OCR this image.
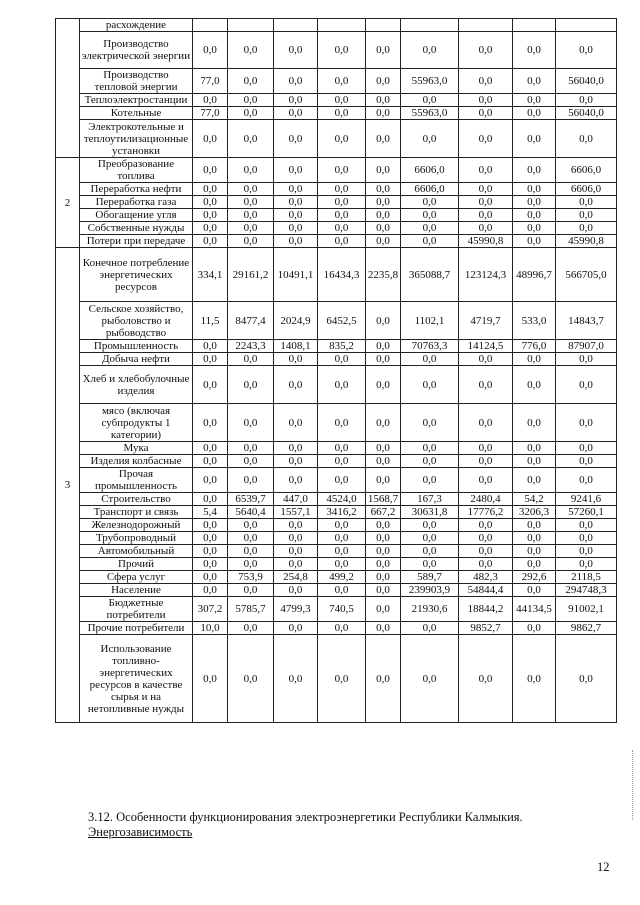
	расхождение									
	Производство электрической энергии	0,0	0,0	0,0	0,0	0,0	0,0	0,0	0,0	0,0
	Производство тепловой энергии	77,0	0,0	0,0	0,0	0,0	55963,0	0,0	0,0	56040,0
	Теплоэлектростанции	0,0	0,0	0,0	0,0	0,0	0,0	0,0	0,0	0,0
	Котельные	77,0	0,0	0,0	0,0	0,0	55963,0	0,0	0,0	56040,0
	Электрокотельные и теплоутилизационные установки	0,0	0,0	0,0	0,0	0,0	0,0	0,0	0,0	0,0
2	Преобразование топлива	0,0	0,0	0,0	0,0	0,0	6606,0	0,0	0,0	6606,0
	Переработка нефти	0,0	0,0	0,0	0,0	0,0	6606,0	0,0	0,0	6606,0
	Переработка газа	0,0	0,0	0,0	0,0	0,0	0,0	0,0	0,0	0,0
	Обогащение угля	0,0	0,0	0,0	0,0	0,0	0,0	0,0	0,0	0,0
	Собственные нужды	0,0	0,0	0,0	0,0	0,0	0,0	0,0	0,0	0,0
	Потери при передаче	0,0	0,0	0,0	0,0	0,0	0,0	45990,8	0,0	45990,8
3	Конечное потребление энергетических ресурсов	334,1	29161,2	10491,1	16434,3	2235,8	365088,7	123124,3	48996,7	566705,0
	Сельское хозяйство, рыболовство и рыбоводство	11,5	8477,4	2024,9	6452,5	0,0	1102,1	4719,7	533,0	14843,7
	Промышленность	0,0	2243,3	1408,1	835,2	0,0	70763,3	14124,5	776,0	87907,0
	Добыча нефти	0,0	0,0	0,0	0,0	0,0	0,0	0,0	0,0	0,0
	Хлеб и хлебобулочные изделия	0,0	0,0	0,0	0,0	0,0	0,0	0,0	0,0	0,0
	мясо (включая субпродукты 1 категории)	0,0	0,0	0,0	0,0	0,0	0,0	0,0	0,0	0,0
	Мука	0,0	0,0	0,0	0,0	0,0	0,0	0,0	0,0	0,0
	Изделия колбасные	0,0	0,0	0,0	0,0	0,0	0,0	0,0	0,0	0,0
	Прочая промышленность	0,0	0,0	0,0	0,0	0,0	0,0	0,0	0,0	0,0
	Строительство	0,0	6539,7	447,0	4524,0	1568,7	167,3	2480,4	54,2	9241,6
	Транспорт и связь	5,4	5640,4	1557,1	3416,2	667,2	30631,8	17776,2	3206,3	57260,1
	Железнодорожный	0,0	0,0	0,0	0,0	0,0	0,0	0,0	0,0	0,0
	Трубопроводный	0,0	0,0	0,0	0,0	0,0	0,0	0,0	0,0	0,0
	Автомобильный	0,0	0,0	0,0	0,0	0,0	0,0	0,0	0,0	0,0
	Прочий	0,0	0,0	0,0	0,0	0,0	0,0	0,0	0,0	0,0
	Сфера услуг	0,0	753,9	254,8	499,2	0,0	589,7	482,3	292,6	2118,5
	Население	0,0	0,0	0,0	0,0	0,0	239903,9	54844,4	0,0	294748,3
	Бюджетные потребители	307,2	5785,7	4799,3	740,5	0,0	21930,6	18844,2	44134,5	91002,1
	Прочие потребители	10,0	0,0	0,0	0,0	0,0	0,0	9852,7	0,0	9862,7
	Использование топливно-энергетических ресурсов в качестве сырья и на нетопливные нужды	0,0	0,0	0,0	0,0	0,0	0,0	0,0	0,0	0,0
3.12. Особенности функционирования электроэнергетики Республики Калмыкия.
Энергозависимость
12
